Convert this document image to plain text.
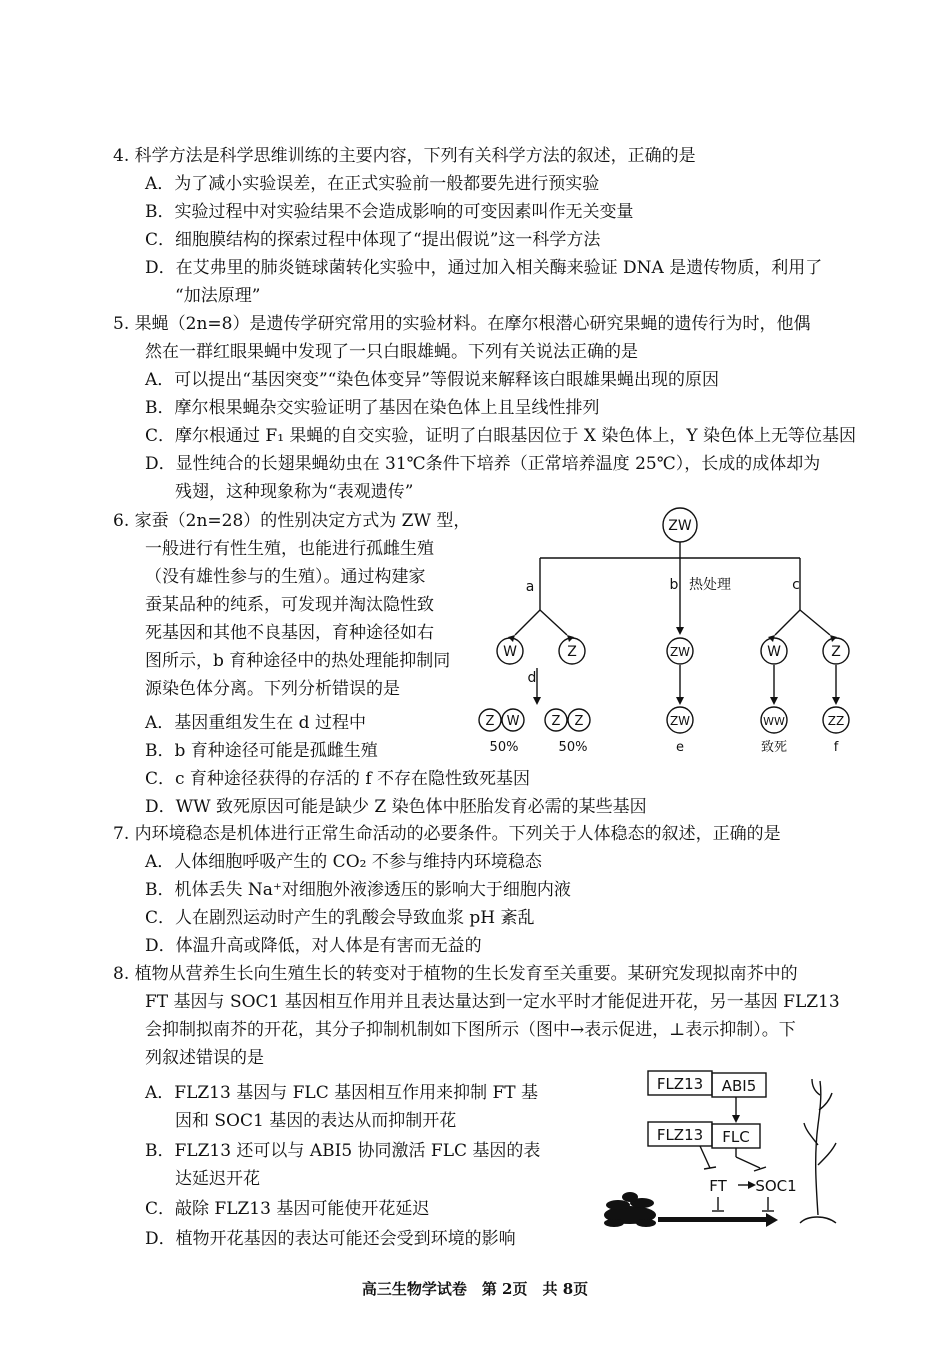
4. 科学方法是科学思维训练的主要内容，下列有关科学方法的叙述，正确的是
A．为了减小实验误差，在正式实验前一般都要先进行预实验
B．实验过程中对实验结果不会造成影响的可变因素叫作无关变量
C．细胞膜结构的探索过程中体现了“提出假说”这一科学方法
D．在艾弗里的肺炎链球菌转化实验中，通过加入相关酶来验证 DNA 是遗传物质，利用了
“加法原理”
5. 果蝇（2n=8）是遗传学研究常用的实验材料。在摩尔根潜心研究果蝇的遗传行为时，他偶
然在一群红眼果蝇中发现了一只白眼雄蝇。下列有关说法正确的是
A．可以提出“基因突变”“染色体变异”等假说来解释该白眼雄果蝇出现的原因
B．摩尔根果蝇杂交实验证明了基因在染色体上且呈线性排列
C．摩尔根通过 F₁ 果蝇的自交实验，证明了白眼基因位于 X 染色体上，Y 染色体上无等位基因
D．显性纯合的长翅果蝇幼虫在 31℃条件下培养（正常培养温度 25℃），长成的成体却为
残翅，这种现象称为“表观遗传”
6. 家蚕（2n=28）的性别决定方式为 ZW 型，
一般进行有性生殖，也能进行孤雌生殖
（没有雄性参与的生殖）。通过构建家
蚕某品种的纯系，可发现并淘汰隐性致
死基因和其他不良基因，育种途径如右
图所示，b 育种途径中的热处理能抑制同
源染色体分离。下列分析错误的是
A．基因重组发生在 d 过程中
B．b 育种途径可能是孤雌生殖
C．c 育种途径获得的存活的 f 不存在隐性致死基因
D．WW 致死原因可能是缺少 Z 染色体中胚胎发育必需的某些基因
ZW
a	b 热处理	c
W	Z	ZW	W	Z
d
Z W Z Z	ZW	WW	ZZ
50%	50%	e	致死	f
7. 内环境稳态是机体进行正常生命活动的必要条件。下列关于人体稳态的叙述，正确的是
A．人体细胞呼吸产生的 CO₂ 不参与维持内环境稳态
B．机体丢失 Na⁺对细胞外液渗透压的影响大于细胞内液
C．人在剧烈运动时产生的乳酸会导致血浆 pH 紊乱
D．体温升高或降低，对人体是有害而无益的
8. 植物从营养生长向生殖生长的转变对于植物的生长发育至关重要。某研究发现拟南芥中的
FT 基因与 SOC1 基因相互作用并且表达量达到一定水平时才能促进开花，另一基因 FLZ13
会抑制拟南芥的开花，其分子抑制机制如下图所示（图中→表示促进，⊥表示抑制）。下
列叙述错误的是
A．FLZ13 基因与 FLC 基因相互作用来抑制 FT 基
因和 SOC1 基因的表达从而抑制开花
B．FLZ13 还可以与 ABI5 协同激活 FLC 基因的表
达延迟开花
C．敲除 FLZ13 基因可能使开花延迟
D．植物开花基因的表达可能还会受到环境的影响
FLZ13 ABI5
FLZ13 FLC
FT SOC1
高三生物学试卷　第 2页　共 8页
